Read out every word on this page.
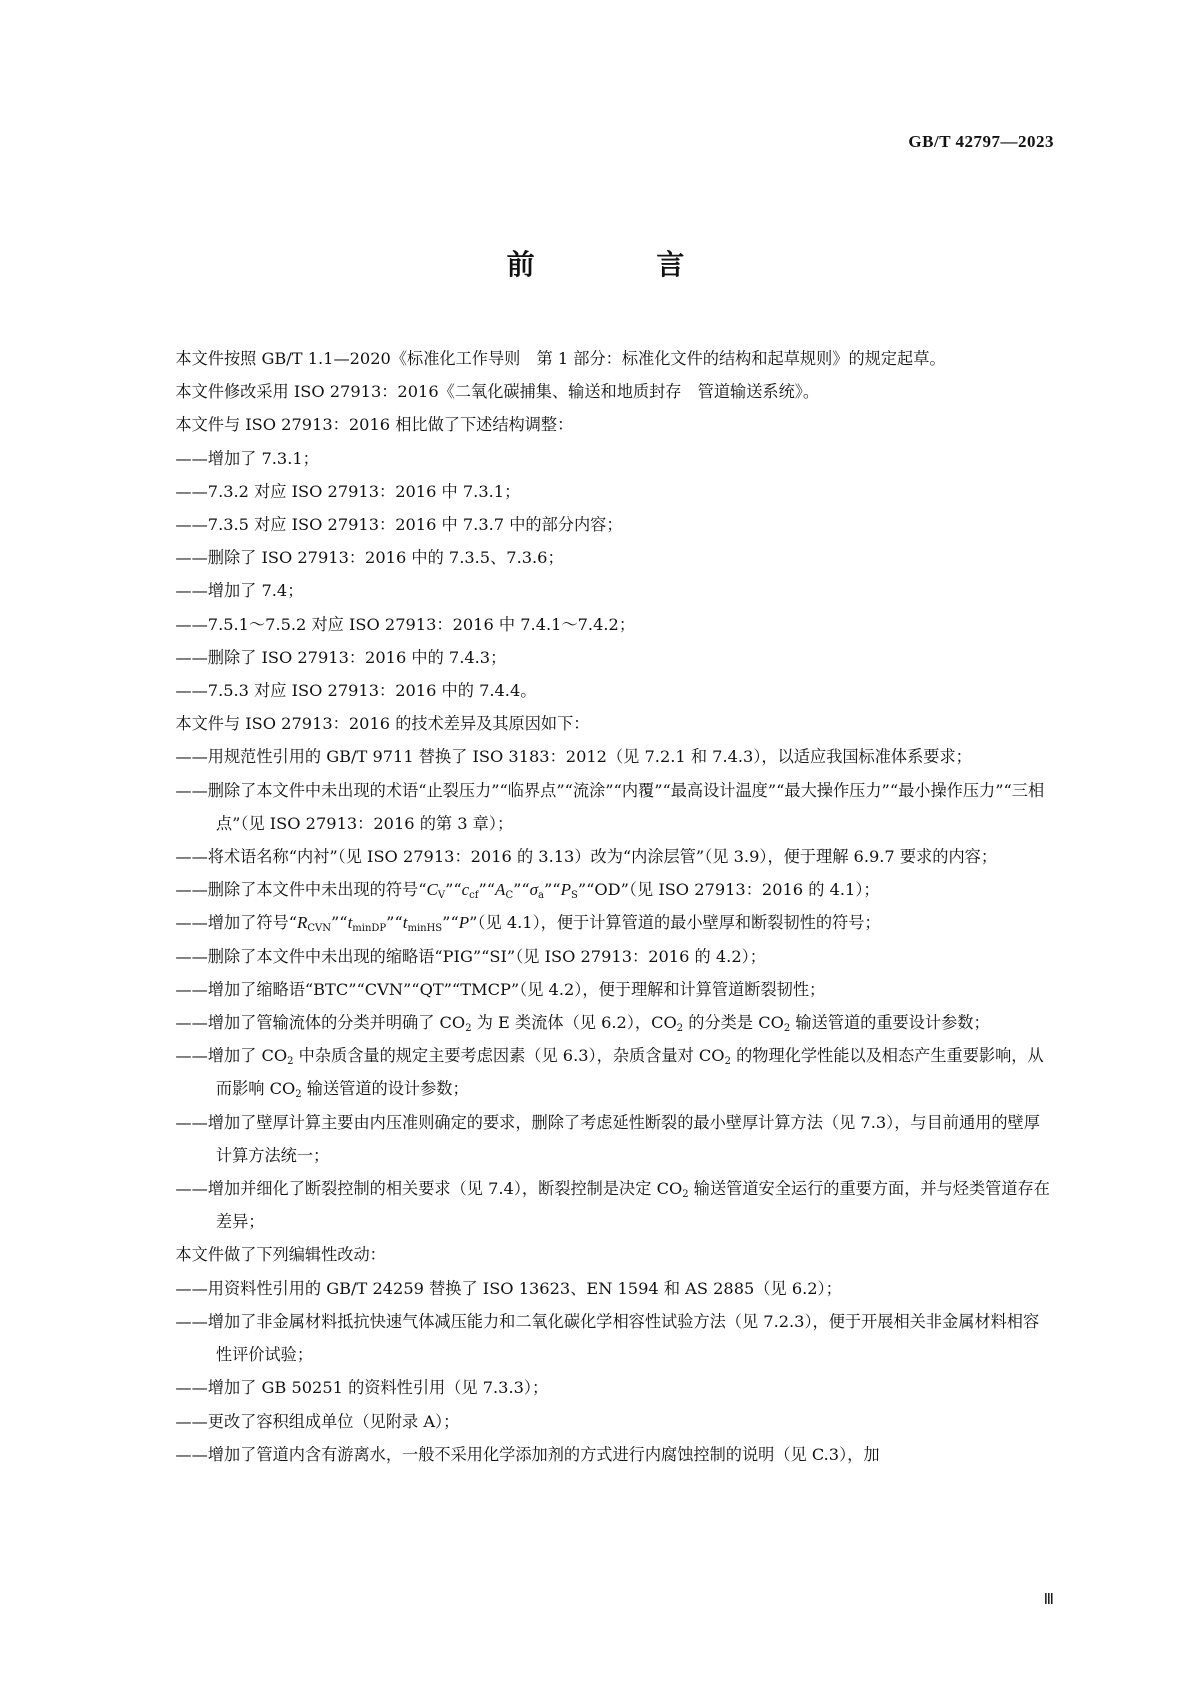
GB/T 42797—2023
前 言

本文件按照 GB/T 1.1—2020《标准化工作导则　第 1 部分：标准化文件的结构和起草规则》的规定起草。

本文件修改采用 ISO 27913：2016《二氧化碳捕集、输送和地质封存　管道输送系统》。

本文件与 ISO 27913：2016 相比做了下述结构调整：

——增加了 7.3.1；

——7.3.2 对应 ISO 27913：2016 中 7.3.1；

——7.3.5 对应 ISO 27913：2016 中 7.3.7 中的部分内容；

——删除了 ISO 27913：2016 中的 7.3.5、7.3.6；

——增加了 7.4；

——7.5.1～7.5.2 对应 ISO 27913：2016 中 7.4.1～7.4.2；

——删除了 ISO 27913：2016 中的 7.4.3；

——7.5.3 对应 ISO 27913：2016 中的 7.4.4。

本文件与 ISO 27913：2016 的技术差异及其原因如下：

——用规范性引用的 GB/T 9711 替换了 ISO 3183：2012（见 7.2.1 和 7.4.3），以适应我国标准体系要求；

——删除了本文件中未出现的术语“止裂压力”“临界点”“流涂”“内覆”“最高设计温度”“最大操作压力”“最小操作压力”“三相点”（见 ISO 27913：2016 的第 3 章）；

——将术语名称“内衬”（见 ISO 27913：2016 的 3.13）改为“内涂层管”（见 3.9），便于理解 6.9.7 要求的内容；

——删除了本文件中未出现的符号“$C_V”“c_{cf}”“A_C”“\sigma_a”“P_S”“OD$”（见 ISO 27913：2016 的 4.1）；

——增加了符号“$R_{CVN}”“t_{minDP}”“t_{minHS}”“P$”（见 4.1），便于计算管道的最小壁厚和断裂韧性的符号；

——删除了本文件中未出现的缩略语“PIG”“SI”（见 ISO 27913：2016 的 4.2）；

——增加了缩略语“BTC”“CVN”“QT”“TMCP”（见 4.2），便于理解和计算管道断裂韧性；

——增加了管输流体的分类并明确了 $CO_2$ 为 E 类流体（见 6.2），$CO_2$ 的分类是 $CO_2$ 输送管道的重要设计参数；

——增加了 $CO_2$ 中杂质含量的规定主要考虑因素（见 6.3），杂质含量对 $CO_2$ 的物理化学性能以及相态产生重要影响，从而影响 $CO_2$ 输送管道的设计参数；

——增加了壁厚计算主要由内压准则确定的要求，删除了考虑延性断裂的最小壁厚计算方法（见 7.3），与目前通用的壁厚计算方法统一；

——增加并细化了断裂控制的相关要求（见 7.4），断裂控制是决定 $CO_2$ 输送管道安全运行的重要方面，并与烃类管道存在差异；

本文件做了下列编辑性改动：

——用资料性引用的 GB/T 24259 替换了 ISO 13623、EN 1594 和 AS 2885（见 6.2）；

——增加了非金属材料抵抗快速气体减压能力和二氧化碳化学相容性试验方法（见 7.2.3），便于开展相关非金属材料相容性评价试验；

——增加了 GB 50251 的资料性引用（见 7.3.3）；

——更改了容积组成单位（见附录 A）；

——增加了管道内含有游离水，一般不采用化学添加剂的方式进行内腐蚀控制的说明（见 C.3），加

Ⅲ
